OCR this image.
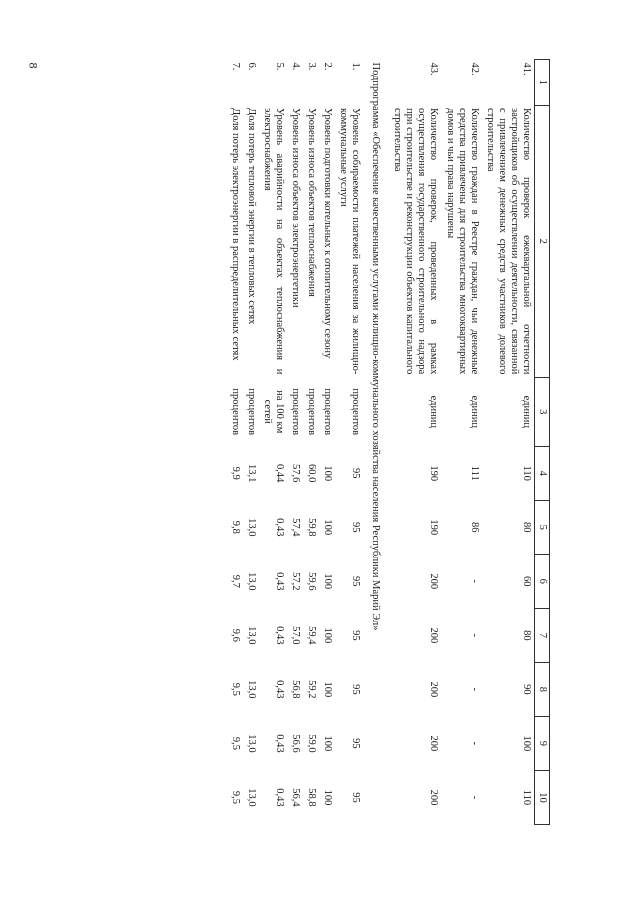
8
1	2	3	4	5	6	7	8	9	10
41.	Количество проверок ежеквартальной отчетности застройщиков об осуществлении деятельности, связанной с привлечением денежных средств участников долевого строительства	единиц	110	80	60	80	90	100	110
42.	Количество граждан в Реестре граждан, чьи денежные средства привлечены для строительства многоквартирных домов и чьи права нарушены	единиц	111	86	-	-	-	-	-
43.	Количество проверок, проведенных в рамках осуществления государственного строительного надзора при строительстве и реконструкции объектов капитального строительства	единиц	190	190	200	200	200	200	200
Подпрограмма «Обеспечение качественными услугами жилищно-коммунального хозяйства населения Республики Марий Эл»									
1.	Уровень собираемости платежей населения за жилищно-коммунальные услуги	процентов	95	95	95	95	95	95	95
2.	Уровень подготовки котельных к отопительному сезону	процентов	100	100	100	100	100	100	100
3.	Уровень износа объектов теплоснабжения	процентов	60,0	59,8	59,6	59,4	59,2	59,0	58,8
4.	Уровень износа объектов электроэнергетики	процентов	57,6	57,4	57,2	57,0	56,8	56,6	56,4
5.	Уровень аварийности на объектах теплоснабжения и электроснабжения	на 100 км сетей	0,44	0,43	0,43	0,43	0,43	0,43	0,43
6.	Доля потерь тепловой энергии в тепловых сетях	процентов	13,1	13,0	13,0	13,0	13,0	13,0	13,0
7.	Доля потерь электроэнергии в распределительных сетях	процентов	9,9	9,8	9,7	9,6	9,5	9,5	9,5
